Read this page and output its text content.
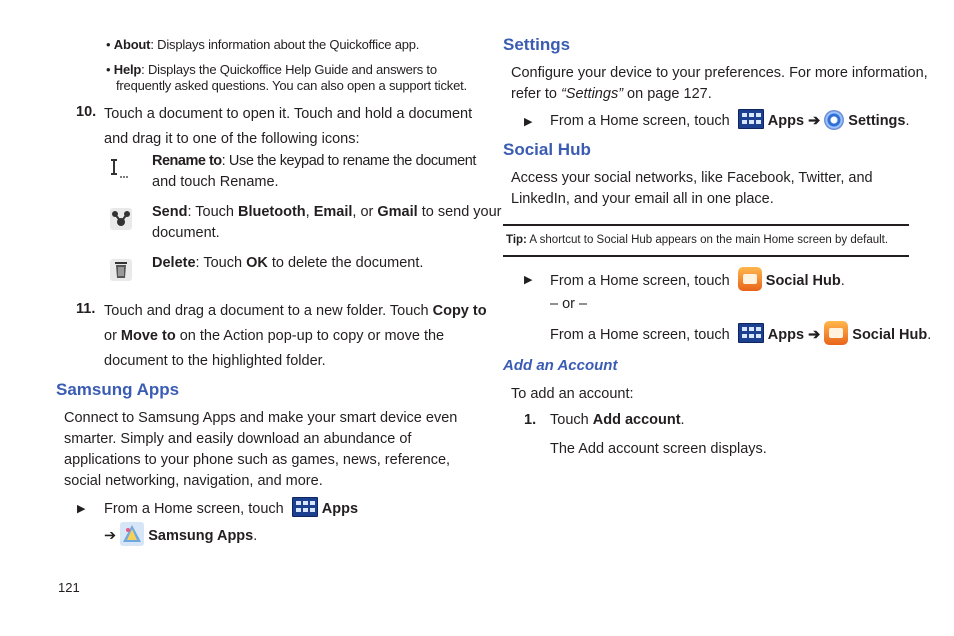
• About: Displays information about the Quickoffice app.
• Help: Displays the Quickoffice Help Guide and answers to
frequently asked questions. You can also open a support ticket.
10. Touch a document to open it. Touch and hold a document
and drag it to one of the following icons:
Rename to: Use the keypad to rename the document
and touch Rename.
Send: Touch Bluetooth, Email, or Gmail to send your
document.
Delete: Touch OK to delete the document.
11. Touch and drag a document to a new folder. Touch Copy to
or Move to on the Action pop-up to copy or move the
document to the highlighted folder.
Samsung Apps
Connect to Samsung Apps and make your smart device even
smarter. Simply and easily download an abundance of
applications to your phone such as games, news, reference,
social networking, navigation, and more.
▶ From a Home screen, touch	Apps
➔ Samsung Apps.
121
Settings
Configure your device to your preferences. For more information,
refer to “Settings” on page 127.
▶ From a Home screen, touch	Apps ➔ Settings.
Social Hub
Access your social networks, like Facebook, Twitter, and
LinkedIn, and your email all in one place.
Tip: A shortcut to Social Hub appears on the main Home screen by default.
▶ From a Home screen, touch Social Hub.
– or –
From a Home screen, touch	Apps ➔ Social Hub.
Add an Account
To add an account:
1. Touch Add account.
The Add account screen displays.
